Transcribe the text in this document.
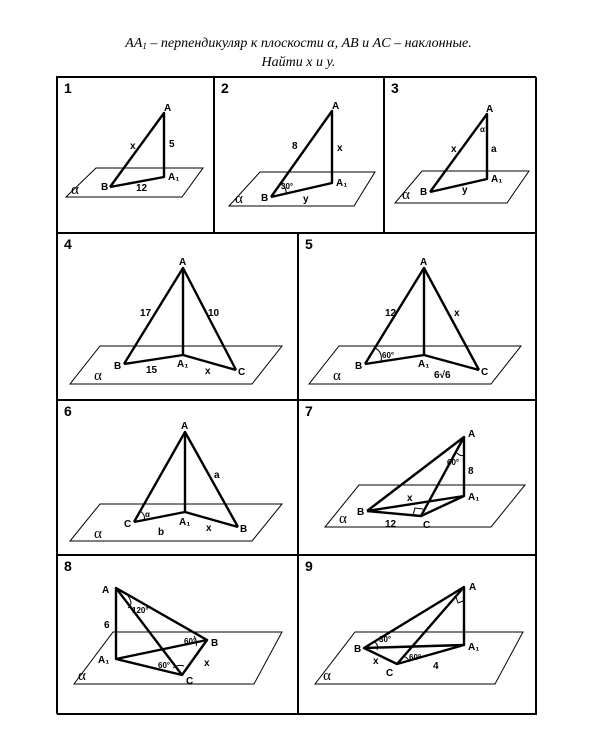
$AA_1$ – перпендикуляр к плоскости α, AB и AC – наклонные.
Найти x и y.
1
A
B
A₁
x	5
12
α
2
A
B
A₁
8	x
y
30°
α
3
A
B
A₁
x	a
y
α
α
4
A
B
C
A₁
17	10
15	x
α
5
A
B
C
A₁
12	x
60°
6√6
α
6
A
B
C	A₁
a
b	x
α
α
7
A
B
C
A₁
8
12
x
60°
α
8
A
B
C
A₁
6
x
120°
60°
60°
α
9
A
B
C
A₁
x	4
30°
60°
α
